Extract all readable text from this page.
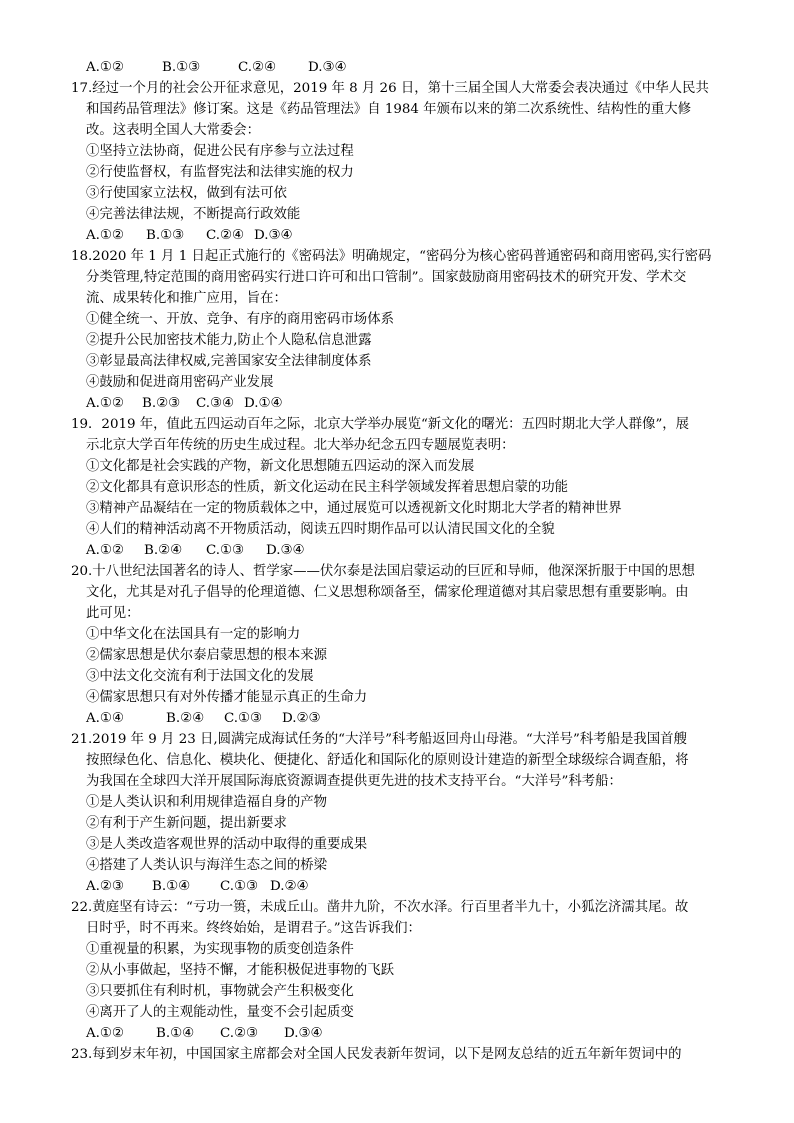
A.①②	B.①③	C.②④	D.③④
17.经过一个月的社会公开征求意见，2019 年 8 月 26 日，第十三届全国人大常委会表决通过《中华人民共
和国药品管理法》修订案。这是《药品管理法》自 1984 年颁布以来的第二次系统性、结构性的重大修
改。这表明全国人大常委会：
①坚持立法协商，促进公民有序参与立法过程
②行使监督权，有监督宪法和法律实施的权力
③行使国家立法权，做到有法可依
④完善法律法规，不断提高行政效能
A.①②	B.①③	C.②④ D.③④
18.2020 年 1 月 1 日起正式施行的《密码法》明确规定，“密码分为核心密码普通密码和商用密码,实行密码
分类管理,特定范围的商用密码实行进口许可和出口管制”。国家鼓励商用密码技术的研究开发、学术交
流、成果转化和推广应用，旨在：
①健全统一、开放、竞争、有序的商用密码市场体系
②提升公民加密技术能力,防止个人隐私信息泄露
③彰显最高法律权威,完善国家安全法律制度体系
④鼓励和促进商用密码产业发展
A.①②	B.②③	C.③④ D.①④
19．2019 年，值此五四运动百年之际，北京大学举办展览“新文化的曙光：五四时期北大学人群像”，展
示北京大学百年传统的历史生成过程。北大举办纪念五四专题展览表明：
①文化都是社会实践的产物，新文化思想随五四运动的深入而发展
②文化都具有意识形态的性质，新文化运动在民主科学领域发挥着思想启蒙的功能
③精神产品凝结在一定的物质载体之中，通过展览可以透视新文化时期北大学者的精神世界
④人们的精神活动离不开物质活动，阅读五四时期作品可以认清民国文化的全貌
A.①②	B.②④	C.①③	D.③④
20.十八世纪法国著名的诗人、哲学家——伏尔泰是法国启蒙运动的巨匠和导师，他深深折服于中国的思想
文化，尤其是对孔子倡导的伦理道德、仁义思想称颂备至，儒家伦理道德对其启蒙思想有重要影响。由
此可见：
①中华文化在法国具有一定的影响力
②儒家思想是伏尔泰启蒙思想的根本来源
③中法文化交流有利于法国文化的发展
④儒家思想只有对外传播才能显示真正的生命力
A.①④	B.②④	C.①③	D.②③
21.2019 年 9 月 23 日,圆满完成海试任务的“大洋号”科考船返回舟山母港。“大洋号”科考船是我国首艘
按照绿色化、信息化、模块化、便捷化、舒适化和国际化的原则设计建造的新型全球级综合调查船，将
为我国在全球四大洋开展国际海底资源调查提供更先进的技术支持平台。“大洋号”科考船：
①是人类认识和利用规律造福自身的产物
②有利于产生新问题，提出新要求
③是人类改造客观世界的活动中取得的重要成果
④搭建了人类认识与海洋生态之间的桥梁
A.②③	B.①④	C.①③ D.②④
22.黄庭坚有诗云：“亏功一篑，未成丘山。凿井九阶，不次水泽。行百里者半九十，小狐汔济濡其尾。故
日时乎，时不再来。终终始始，是谓君子。”这告诉我们：
①重视量的积累，为实现事物的质变创造条件
②从小事做起，坚持不懈，才能积极促进事物的飞跃
③只要抓住有利时机，事物就会产生积极变化
④离开了人的主观能动性，量变不会引起质变
A.①②	B.①④	C.②③	D.③④
23.每到岁末年初，中国国家主席都会对全国人民发表新年贺词，以下是网友总结的近五年新年贺词中的
